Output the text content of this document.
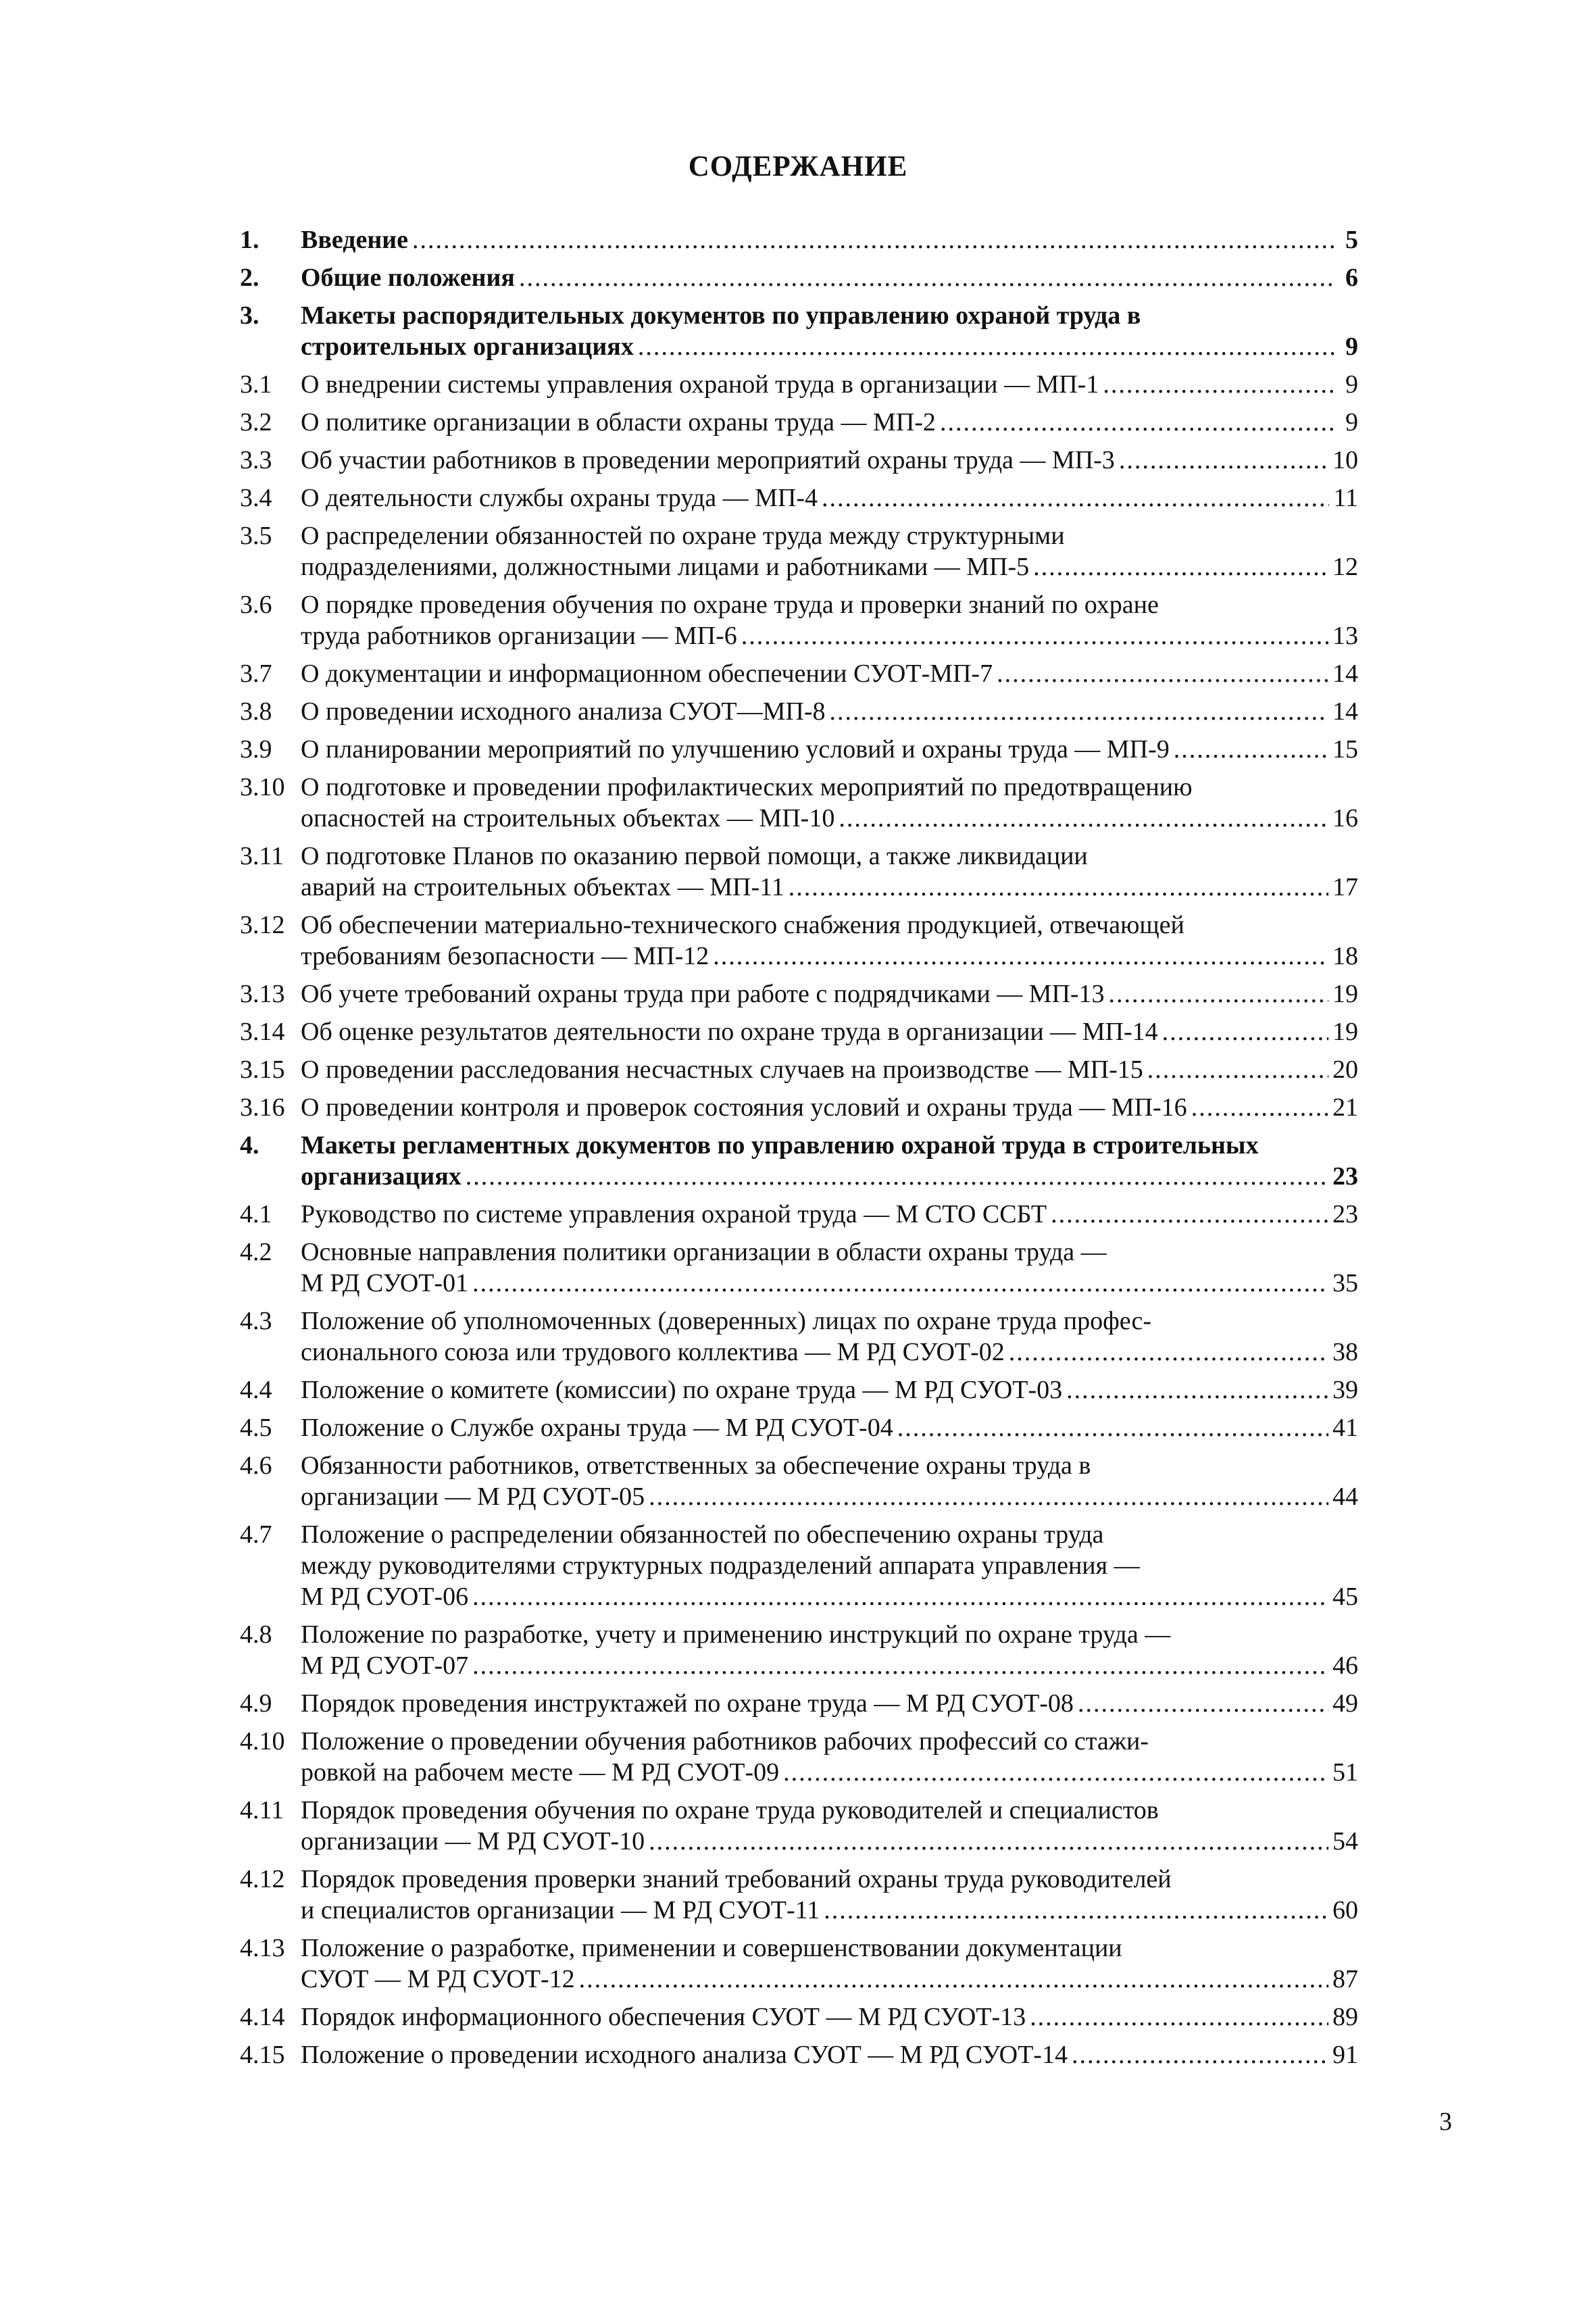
СОДЕРЖАНИЕ
1. Введение .....	5
2. Общие положения .....	6
3. Макеты распорядительных документов по управлению охраной труда в
строительных организациях .....	9
3.1 О внедрении системы управления охраной труда в организации — МП-1 .....	9
3.2 О политике организации в области охраны труда — МП-2 .....	9
3.3 Об участии работников в проведении мероприятий охраны труда — МП-3 .....	10
3.4 О деятельности службы охраны труда — МП-4 .....	11
3.5 О распределении обязанностей по охране труда между структурными
подразделениями, должностными лицами и работниками — МП-5 .....	12
3.6 О порядке проведения обучения по охране труда и проверки знаний по охране
труда работников организации — МП-6 .....	13
3.7 О документации и информационном обеспечении СУОТ-МП-7 .....	14
3.8 О проведении исходного анализа СУОТ—МП-8 .....	14
3.9 О планировании мероприятий по улучшению условий и охраны труда — МП-9 .....	15
3.10 О подготовке и проведении профилактических мероприятий по предотвращению
опасностей на строительных объектах — МП-10 .....	16
3.11 О подготовке Планов по оказанию первой помощи, а также ликвидации
аварий на строительных объектах — МП-11 .....	17
3.12 Об обеспечении материально-технического снабжения продукцией, отвечающей
требованиям безопасности — МП-12 .....	18
3.13 Об учете требований охраны труда при работе с подрядчиками — МП-13 .....	19
3.14 Об оценке результатов деятельности по охране труда в организации — МП-14 .....	19
3.15 О проведении расследования несчастных случаев на производстве — МП-15 .....	20
3.16 О проведении контроля и проверок состояния условий и охраны труда — МП-16 .....	21
4. Макеты регламентных документов по управлению охраной труда в строительных
организациях .....	23
4.1 Руководство по системе управления охраной труда — М СТО ССБТ .....	23
4.2 Основные направления политики организации в области охраны труда —
М РД СУОТ-01 .....	35
4.3 Положение об уполномоченных (доверенных) лицах по охране труда профес-
сионального союза или трудового коллектива — М РД СУОТ-02 .....	38
4.4 Положение о комитете (комиссии) по охране труда — М РД СУОТ-03 .....	39
4.5 Положение о Службе охраны труда — М РД СУОТ-04 .....	41
4.6 Обязанности работников, ответственных за обеспечение охраны труда в
организации — М РД СУОТ-05 .....	44
4.7 Положение о распределении обязанностей по обеспечению охраны труда
между руководителями структурных подразделений аппарата управления —
М РД СУОТ-06 .....	45
4.8 Положение по разработке, учету и применению инструкций по охране труда —
М РД СУОТ-07 .....	46
4.9 Порядок проведения инструктажей по охране труда — М РД СУОТ-08 .....	49
4.10 Положение о проведении обучения работников рабочих профессий со стажи-
ровкой на рабочем месте — М РД СУОТ-09 .....	51
4.11 Порядок проведения обучения по охране труда руководителей и специалистов
организации — М РД СУОТ-10 .....	54
4.12 Порядок проведения проверки знаний требований охраны труда руководителей
и специалистов организации — М РД СУОТ-11 .....	60
4.13 Положение о разработке, применении и совершенствовании документации
СУОТ — М РД СУОТ-12 .....	87
4.14 Порядок информационного обеспечения СУОТ — М РД СУОТ-13 .....	89
4.15 Положение о проведении исходного анализа СУОТ — М РД СУОТ-14 .....	91
3
